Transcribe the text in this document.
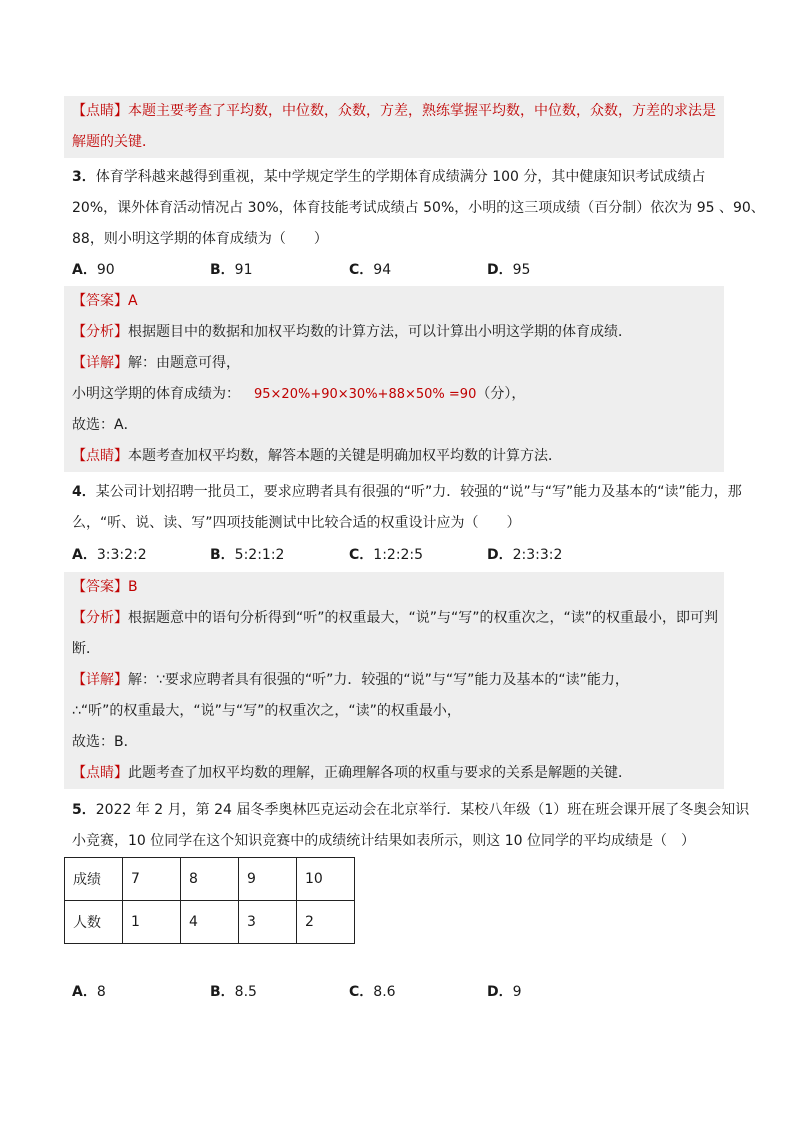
【点睛】本题主要考查了平均数，中位数，众数，方差，熟练掌握平均数，中位数，众数，方差的求法是
解题的关键．
3．体育学科越来越得到重视，某中学规定学生的学期体育成绩满分 100 分，其中健康知识考试成绩占
20%，课外体育活动情况占 30%，体育技能考试成绩占 50%，小明的这三项成绩（百分制）依次为 95 、90、
88，则小明这学期的体育成绩为（　　）
A．90	B．91	C．94	D．95
【答案】A
【分析】根据题目中的数据和加权平均数的计算方法，可以计算出小明这学期的体育成绩．
【详解】解：由题意可得，
小明这学期的体育成绩为： 95×20%+90×30%+88×50% =90（分），
故选：A．
【点睛】本题考查加权平均数，解答本题的关键是明确加权平均数的计算方法．
4．某公司计划招聘一批员工，要求应聘者具有很强的“听”力．较强的“说”与“写”能力及基本的“读”能力，那
么，“听、说、读、写”四项技能测试中比较合适的权重设计应为（　　）
A．3:3:2:2	B．5:2:1:2	C．1:2:2:5	D．2:3:3:2
【答案】B
【分析】根据题意中的语句分析得到“听”的权重最大，“说”与“写”的权重次之，“读”的权重最小，即可判
断．
【详解】解：∵要求应聘者具有很强的“听”力．较强的“说”与“写”能力及基本的“读”能力，
∴“听”的权重最大，“说”与“写”的权重次之，“读”的权重最小，
故选：B．
【点睛】此题考查了加权平均数的理解，正确理解各项的权重与要求的关系是解题的关键．
5．2022 年 2 月，第 24 届冬季奥林匹克运动会在北京举行．某校八年级（1）班在班会课开展了冬奥会知识
小竞赛，10 位同学在这个知识竞赛中的成绩统计结果如表所示，则这 10 位同学的平均成绩是（　）
成绩	7	8	9	10
人数	1	4	3	2
A．8	B．8.5	C．8.6	D．9
